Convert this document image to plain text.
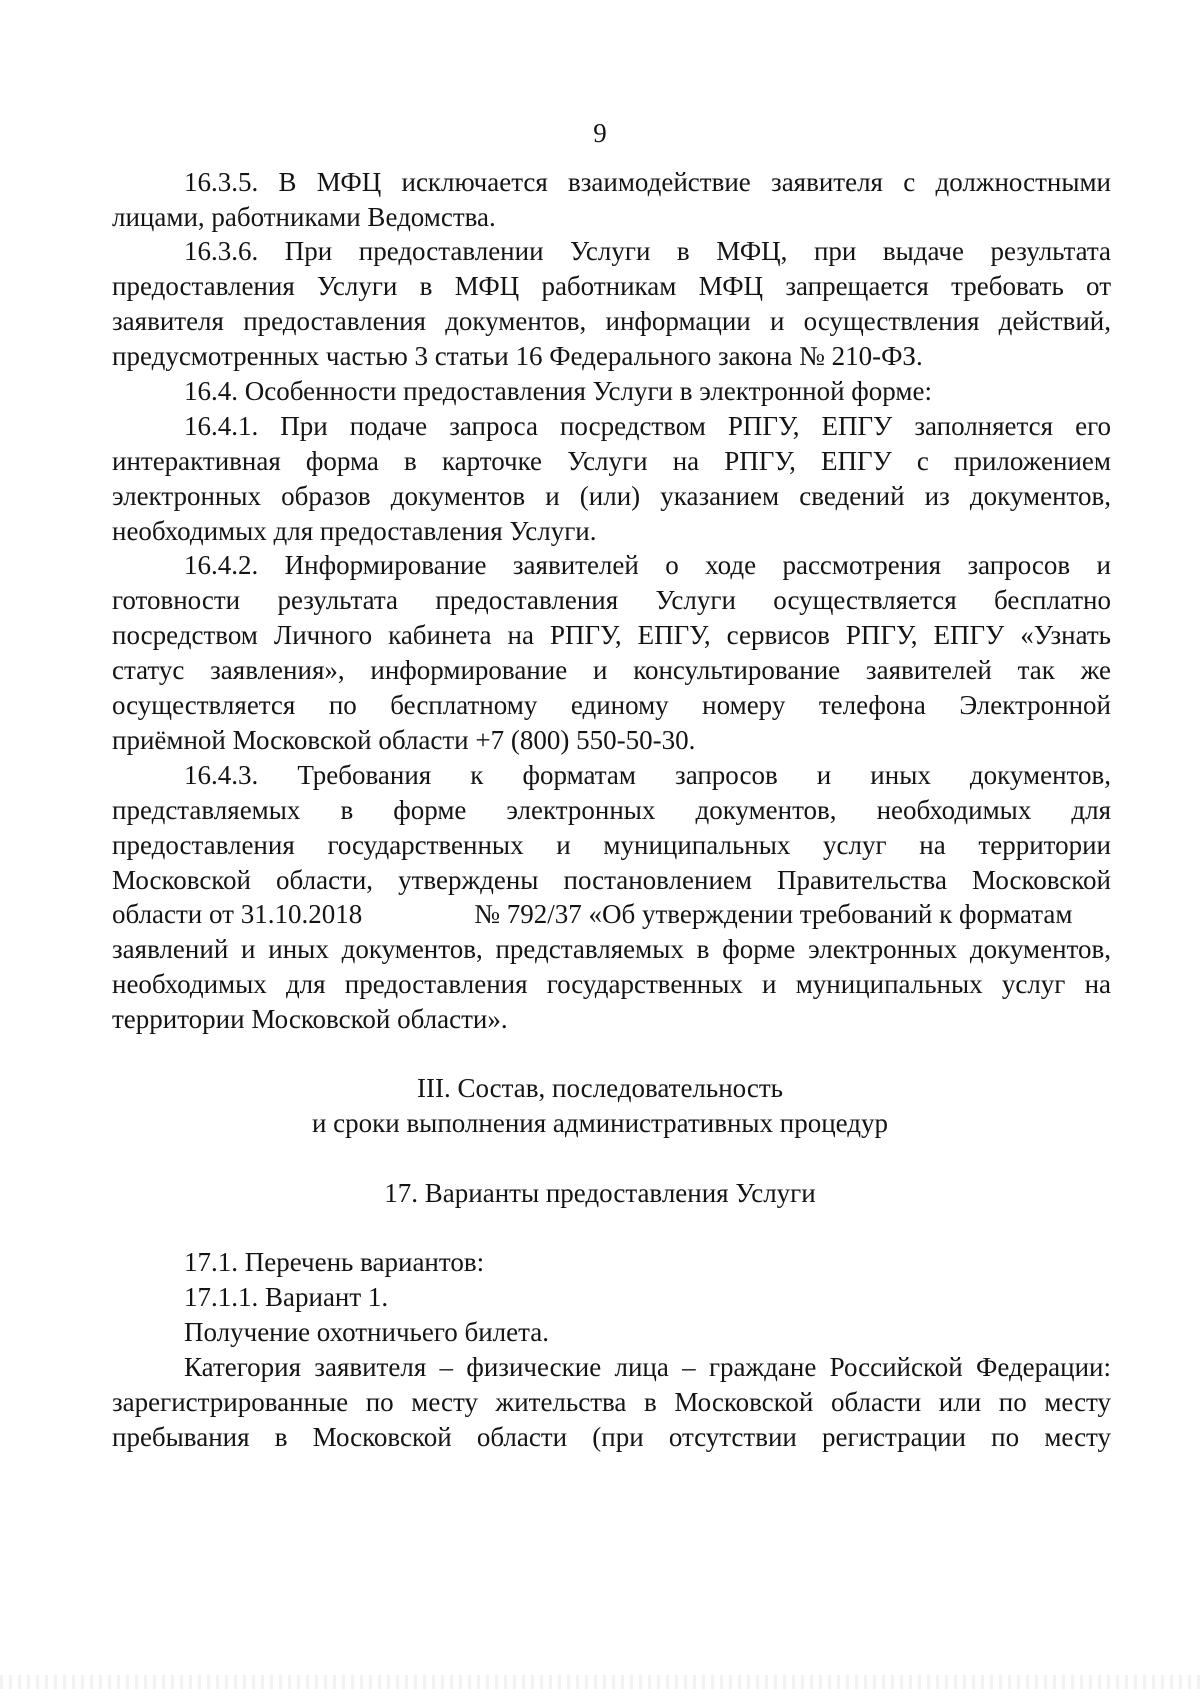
9
16.3.5. В МФЦ исключается взаимодействие заявителя с должностными
лицами, работниками Ведомства.
16.3.6. При предоставлении Услуги в МФЦ, при выдаче результата
предоставления Услуги в МФЦ работникам МФЦ запрещается требовать от
заявителя предоставления документов, информации и осуществления действий,
предусмотренных частью 3 статьи 16 Федерального закона № 210-ФЗ.
16.4. Особенности предоставления Услуги в электронной форме:
16.4.1. При подаче запроса посредством РПГУ, ЕПГУ заполняется его
интерактивная форма в карточке Услуги на РПГУ, ЕПГУ с приложением
электронных образов документов и (или) указанием сведений из документов,
необходимых для предоставления Услуги.
16.4.2. Информирование заявителей о ходе рассмотрения запросов и
готовности результата предоставления Услуги осуществляется бесплатно
посредством Личного кабинета на РПГУ, ЕПГУ, сервисов РПГУ, ЕПГУ «Узнать
статус заявления», информирование и консультирование заявителей так же
осуществляется по бесплатному единому номеру телефона Электронной
приёмной Московской области +7 (800) 550-50-30.
16.4.3. Требования к форматам запросов и иных документов,
представляемых в форме электронных документов, необходимых для
предоставления государственных и муниципальных услуг на территории
Московской области, утверждены постановлением Правительства Московской
области от 31.10.2018	№ 792/37 «Об утверждении требований к форматам
заявлений и иных документов, представляемых в форме электронных документов,
необходимых для предоставления государственных и муниципальных услуг на
территории Московской области».
III. Состав, последовательность
и сроки выполнения административных процедур
17. Варианты предоставления Услуги
17.1. Перечень вариантов:
17.1.1. Вариант 1.
Получение охотничьего билета.
Категория заявителя – физические лица – граждане Российской Федерации:
зарегистрированные по месту жительства в Московской области или по месту
пребывания в Московской области (при отсутствии регистрации по месту
